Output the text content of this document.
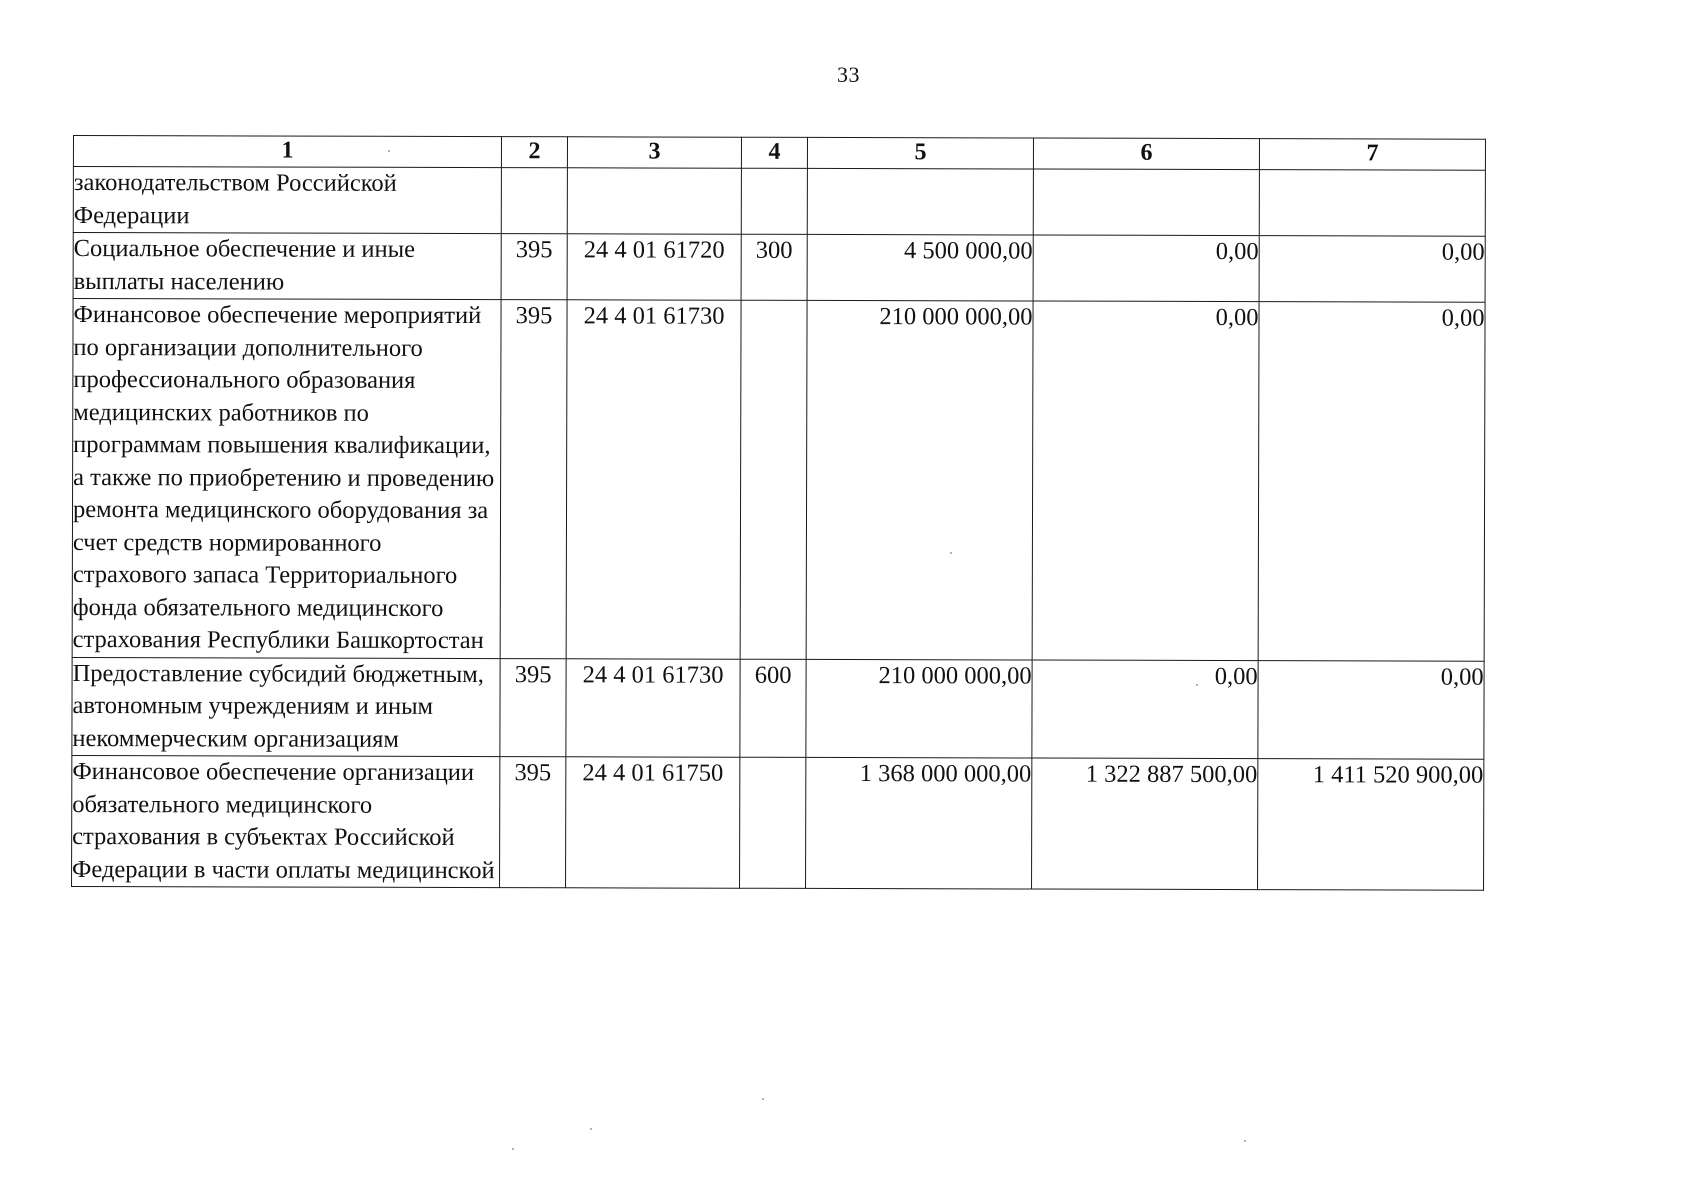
33
1	2	3	4	5	6	7
законодательством Российской Федерации						
Социальное обеспечение и иные выплаты населению	395	24 4 01 61720	300	4 500 000,00	0,00	0,00
Финансовое обеспечение мероприятий по организации дополнительного профессионального образования медицинских работников по программам повышения квалификации, а также по приобретению и проведению ремонта медицинского оборудования за счет средств нормированного страхового запаса Территориального фонда обязательного медицинского страхования Республики Башкортостан	395	24 4 01 61730		210 000 000,00	0,00	0,00
Предоставление субсидий бюджетным, автономным учреждениям и иным некоммерческим организациям	395	24 4 01 61730	600	210 000 000,00	0,00	0,00
Финансовое обеспечение организации обязательного медицинского страхования в субъектах Российской Федерации в части оплаты медицинской	395	24 4 01 61750		1 368 000 000,00	1 322 887 500,00	1 411 520 900,00
